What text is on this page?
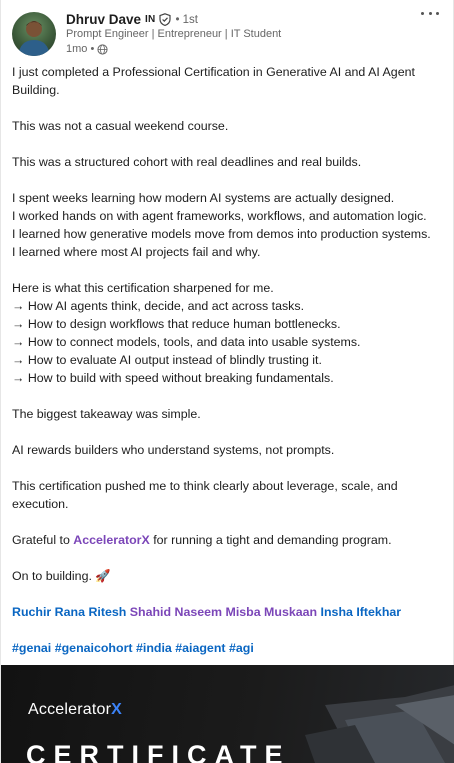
Dhruv Dave IN • 1st
Prompt Engineer | Entrepreneur | IT Student
1mo •

I just completed a Professional Certification in Generative AI and AI Agent Building.

This was not a casual weekend course.

This was a structured cohort with real deadlines and real builds.

I spent weeks learning how modern AI systems are actually designed.

I worked hands on with agent frameworks, workflows, and automation logic.

I learned how generative models move from demos into production systems.

I learned where most AI projects fail and why.

Here is what this certification sharpened for me.

→ How AI agents think, decide, and act across tasks.

→ How to design workflows that reduce human bottlenecks.

→ How to connect models, tools, and data into usable systems.

→ How to evaluate AI output instead of blindly trusting it.

→ How to build with speed without breaking fundamentals.

The biggest takeaway was simple.

AI rewards builders who understand systems, not prompts.

This certification pushed me to think clearly about leverage, scale, and execution.

Grateful to AcceleratorX for running a tight and demanding program.

On to building. 🚀

Ruchir Rana Ritesh Shahid Naseem Misba Muskaan Insha Iftekhar

#genai #genaicohort #india #aiagent #agi

AcceleratorX
CERTIFICATE
